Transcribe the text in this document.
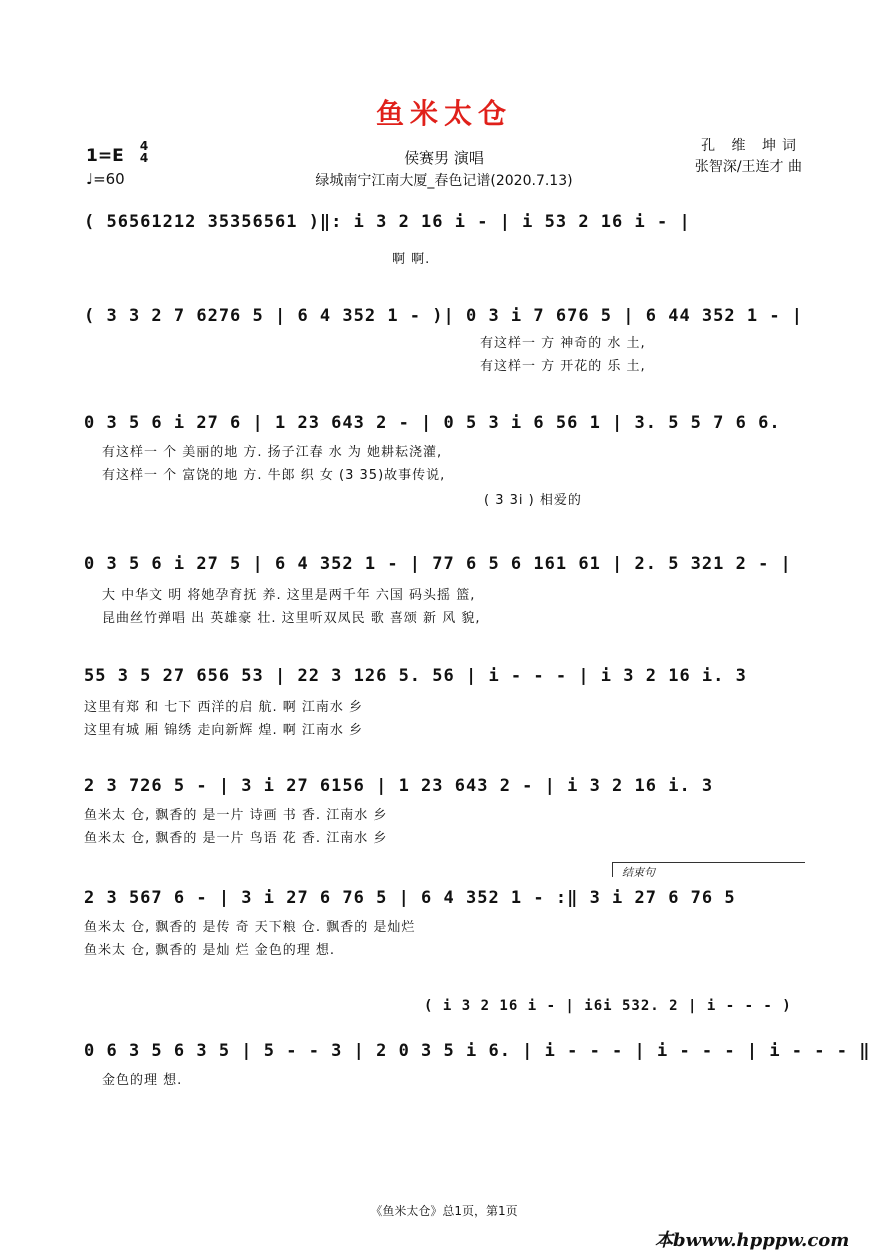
鱼米太仓
1=E 4
4
♩=60
侯赛男 演唱
绿城南宁江南大厦_春色记谱(2020.7.13)
孔 维 坤词
张智深/王连才 曲
( 56561212 35356561 )‖: i 3 2 16 i - | i 53 2 16 i - |
啊 啊.
( 3 3 2 7 6276 5 | 6 4 352 1 - )| 0 3 i 7 676 5 | 6 44 352 1 - |
有这样一 方 神奇的 水 土,
有这样一 方 开花的 乐 土,
0 3 5 6 i 27 6 | 1 23 643 2 - | 0 5 3 i 6 56 1 | 3. 5 5 7 6 6.
有这样一 个 美丽的地 方. 扬子江春 水 为 她耕耘浇灌,
有这样一 个 富饶的地 方. 牛郎 织 女 (3 35)故事传说,
( 3 3i ) 相爱的
0 3 5 6 i 27 5 | 6 4 352 1 - | 77 6 5 6 161 61 | 2. 5 321 2 - |
大 中华文 明 将她孕育抚 养. 这里是两千年 六国 码头摇 篮,
昆曲丝竹弹唱 出 英雄豪 壮. 这里听双凤民 歌 喜颂 新 风 貌,
55 3 5 27 656 53 | 22 3 126 5. 56 | i - - - | i 3 2 16 i. 3
这里有郑 和 七下 西洋的启 航. 啊 江南水 乡
这里有城 厢 锦绣 走向新辉 煌. 啊 江南水 乡
2 3 726 5 - | 3 i 27 6156 | 1 23 643 2 - | i 3 2 16 i. 3
鱼米太 仓, 飘香的 是一片 诗画 书 香. 江南水 乡
鱼米太 仓, 飘香的 是一片 鸟语 花 香. 江南水 乡
结束句
2 3 567 6 - | 3 i 27 6 76 5 | 6 4 352 1 - :‖ 3 i 27 6 76 5
鱼米太 仓, 飘香的 是传 奇 天下粮 仓. 飘香的 是灿烂
鱼米太 仓, 飘香的 是灿 烂 金色的理 想.
( i 3 2 16 i - | i6i 532. 2 | i - - - )
0 6 3 5 6 3 5 | 5 - - 3 | 2 0 3 5 i 6. | i - - - | i - - - | i - - - ‖
金色的理 想.
《鱼米太仓》总1页，第1页
本bwww.hpppw.com
